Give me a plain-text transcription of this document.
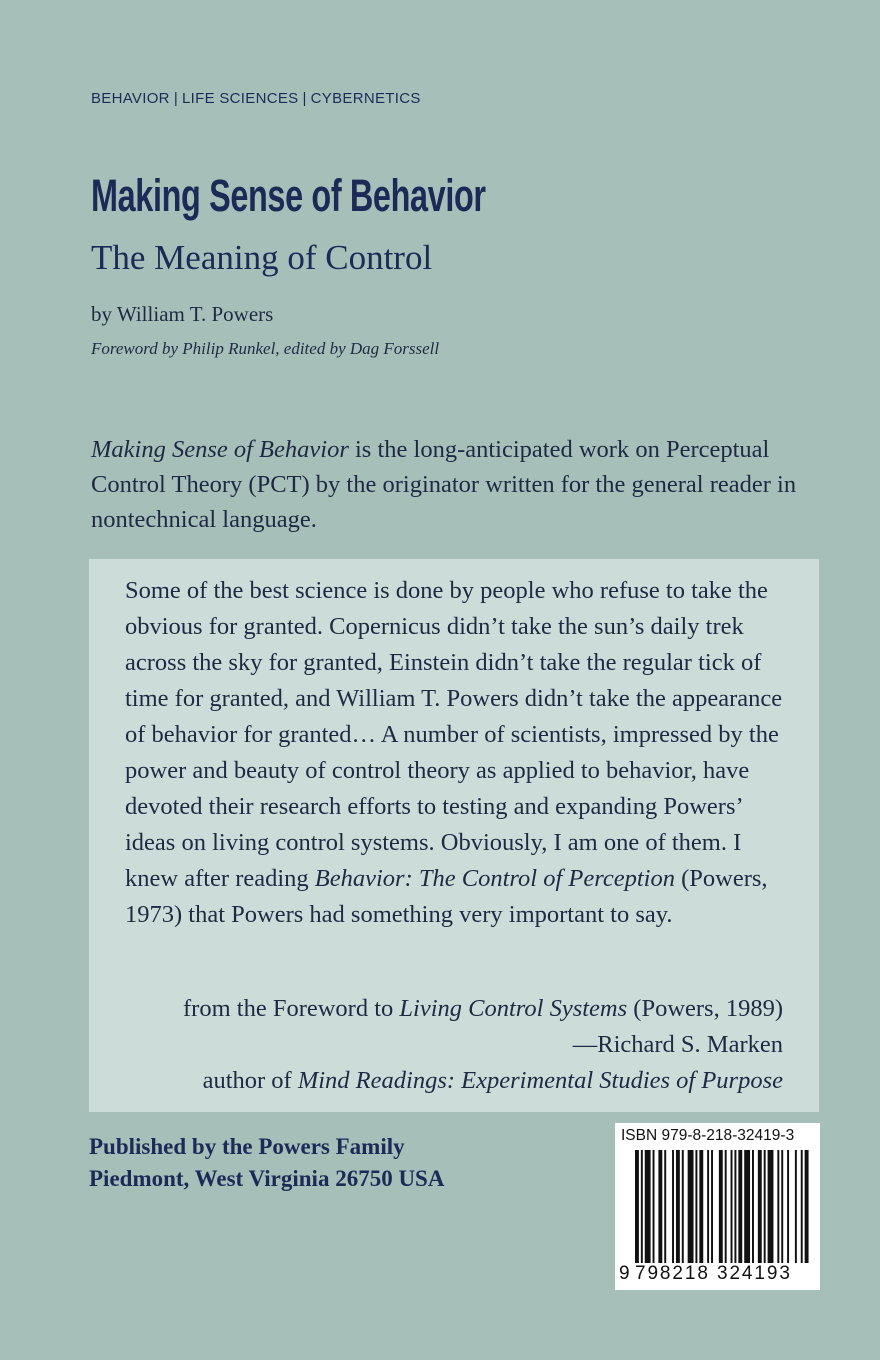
BEHAVIOR | LIFE SCIENCES | CYBERNETICS
Making Sense of Behavior
The Meaning of Control
by William T. Powers
Foreword by Philip Runkel, edited by Dag Forssell
Making Sense of Behavior is the long-anticipated work on Perceptual Control Theory (PCT) by the originator written for the general reader in nontechnical language.
Some of the best science is done by people who refuse to take the obvious for granted. Copernicus didn’t take the sun’s daily trek across the sky for granted, Einstein didn’t take the regular tick of time for granted, and William T. Powers didn’t take the appearance of behavior for granted… A number of scientists, impressed by the power and beauty of control theory as applied to behavior, have devoted their research efforts to testing and expanding Powers’ ideas on living control systems. Obviously, I am one of them. I knew after reading Behavior: The Control of Perception (Powers, 1973) that Powers had something very important to say.
from the Foreword to Living Control Systems (Powers, 1989)
—Richard S. Marken
author of Mind Readings: Experimental Studies of Purpose
Published by the Powers Family
Piedmont, West Virginia 26750 USA
ISBN 979-8-218-32419-3
9 798218 324193
